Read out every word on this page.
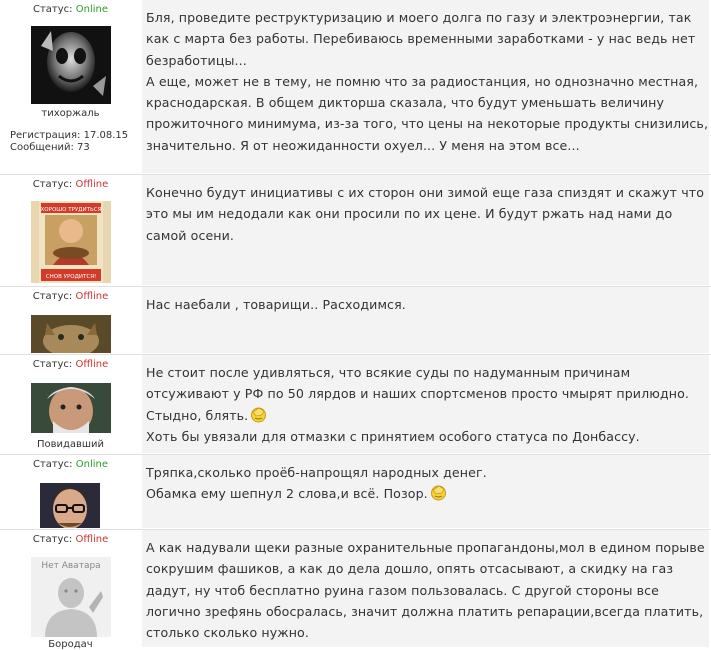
Статус: Online
тихоржаль
Регистрация: 17.08.15
Сообщений: 73

Бля, проведите реструктуризацию и моего долга по газу и электроэнергии, так как с марта без работы. Перебиваюсь временными заработками - у нас ведь нет безработицы...

А еще, может не в тему, не помню что за радиостанция, но однозначно местная, краснодарская. В общем дикторша сказала, что будут уменьшать величину прожиточного минимума, из-за того, что цены на некоторые продукты снизились, значительно. Я от неожиданности охуел... У меня на этом все...

Статус: Offline
ХОРОШО ТРУДИТЬСЯ
СНОВ УРОДИТСЯ!

Конечно будут инициативы с их сторон они зимой еще газа спиздят и скажут что это мы им недодали как они просили по их цене. И будут ржать над нами до самой осени.

Статус: Offline

Нас наебали , товарищи.. Расходимся.

Статус: Offline
Повидавший

Не стоит после удивляться, что всякие суды по надуманным причинам отсуживают у РФ по 50 лярдов и наших спортсменов просто чмырят прилюдно. Стыдно, блять.

Хоть бы увязали для отмазки с принятием особого статуса по Донбассу.

Статус: Online

Тряпка,сколько проёб-напрощял народных денег.

Обамка ему шепнул 2 слова,и всё. Позор.

Статус: Offline
Нет Аватара
Бородач

А как надували щеки разные охранительные пропагандоны,мол в едином порыве сокрушим фашиков, а как до дела дошло, опять отсасывают, а скидку на газ дадут, ну чтоб бесплатно руина газом пользовалась. С другой стороны все логично зрефянь обосралась, значит должна платить репарации,всегда платить, столько сколько нужно.
